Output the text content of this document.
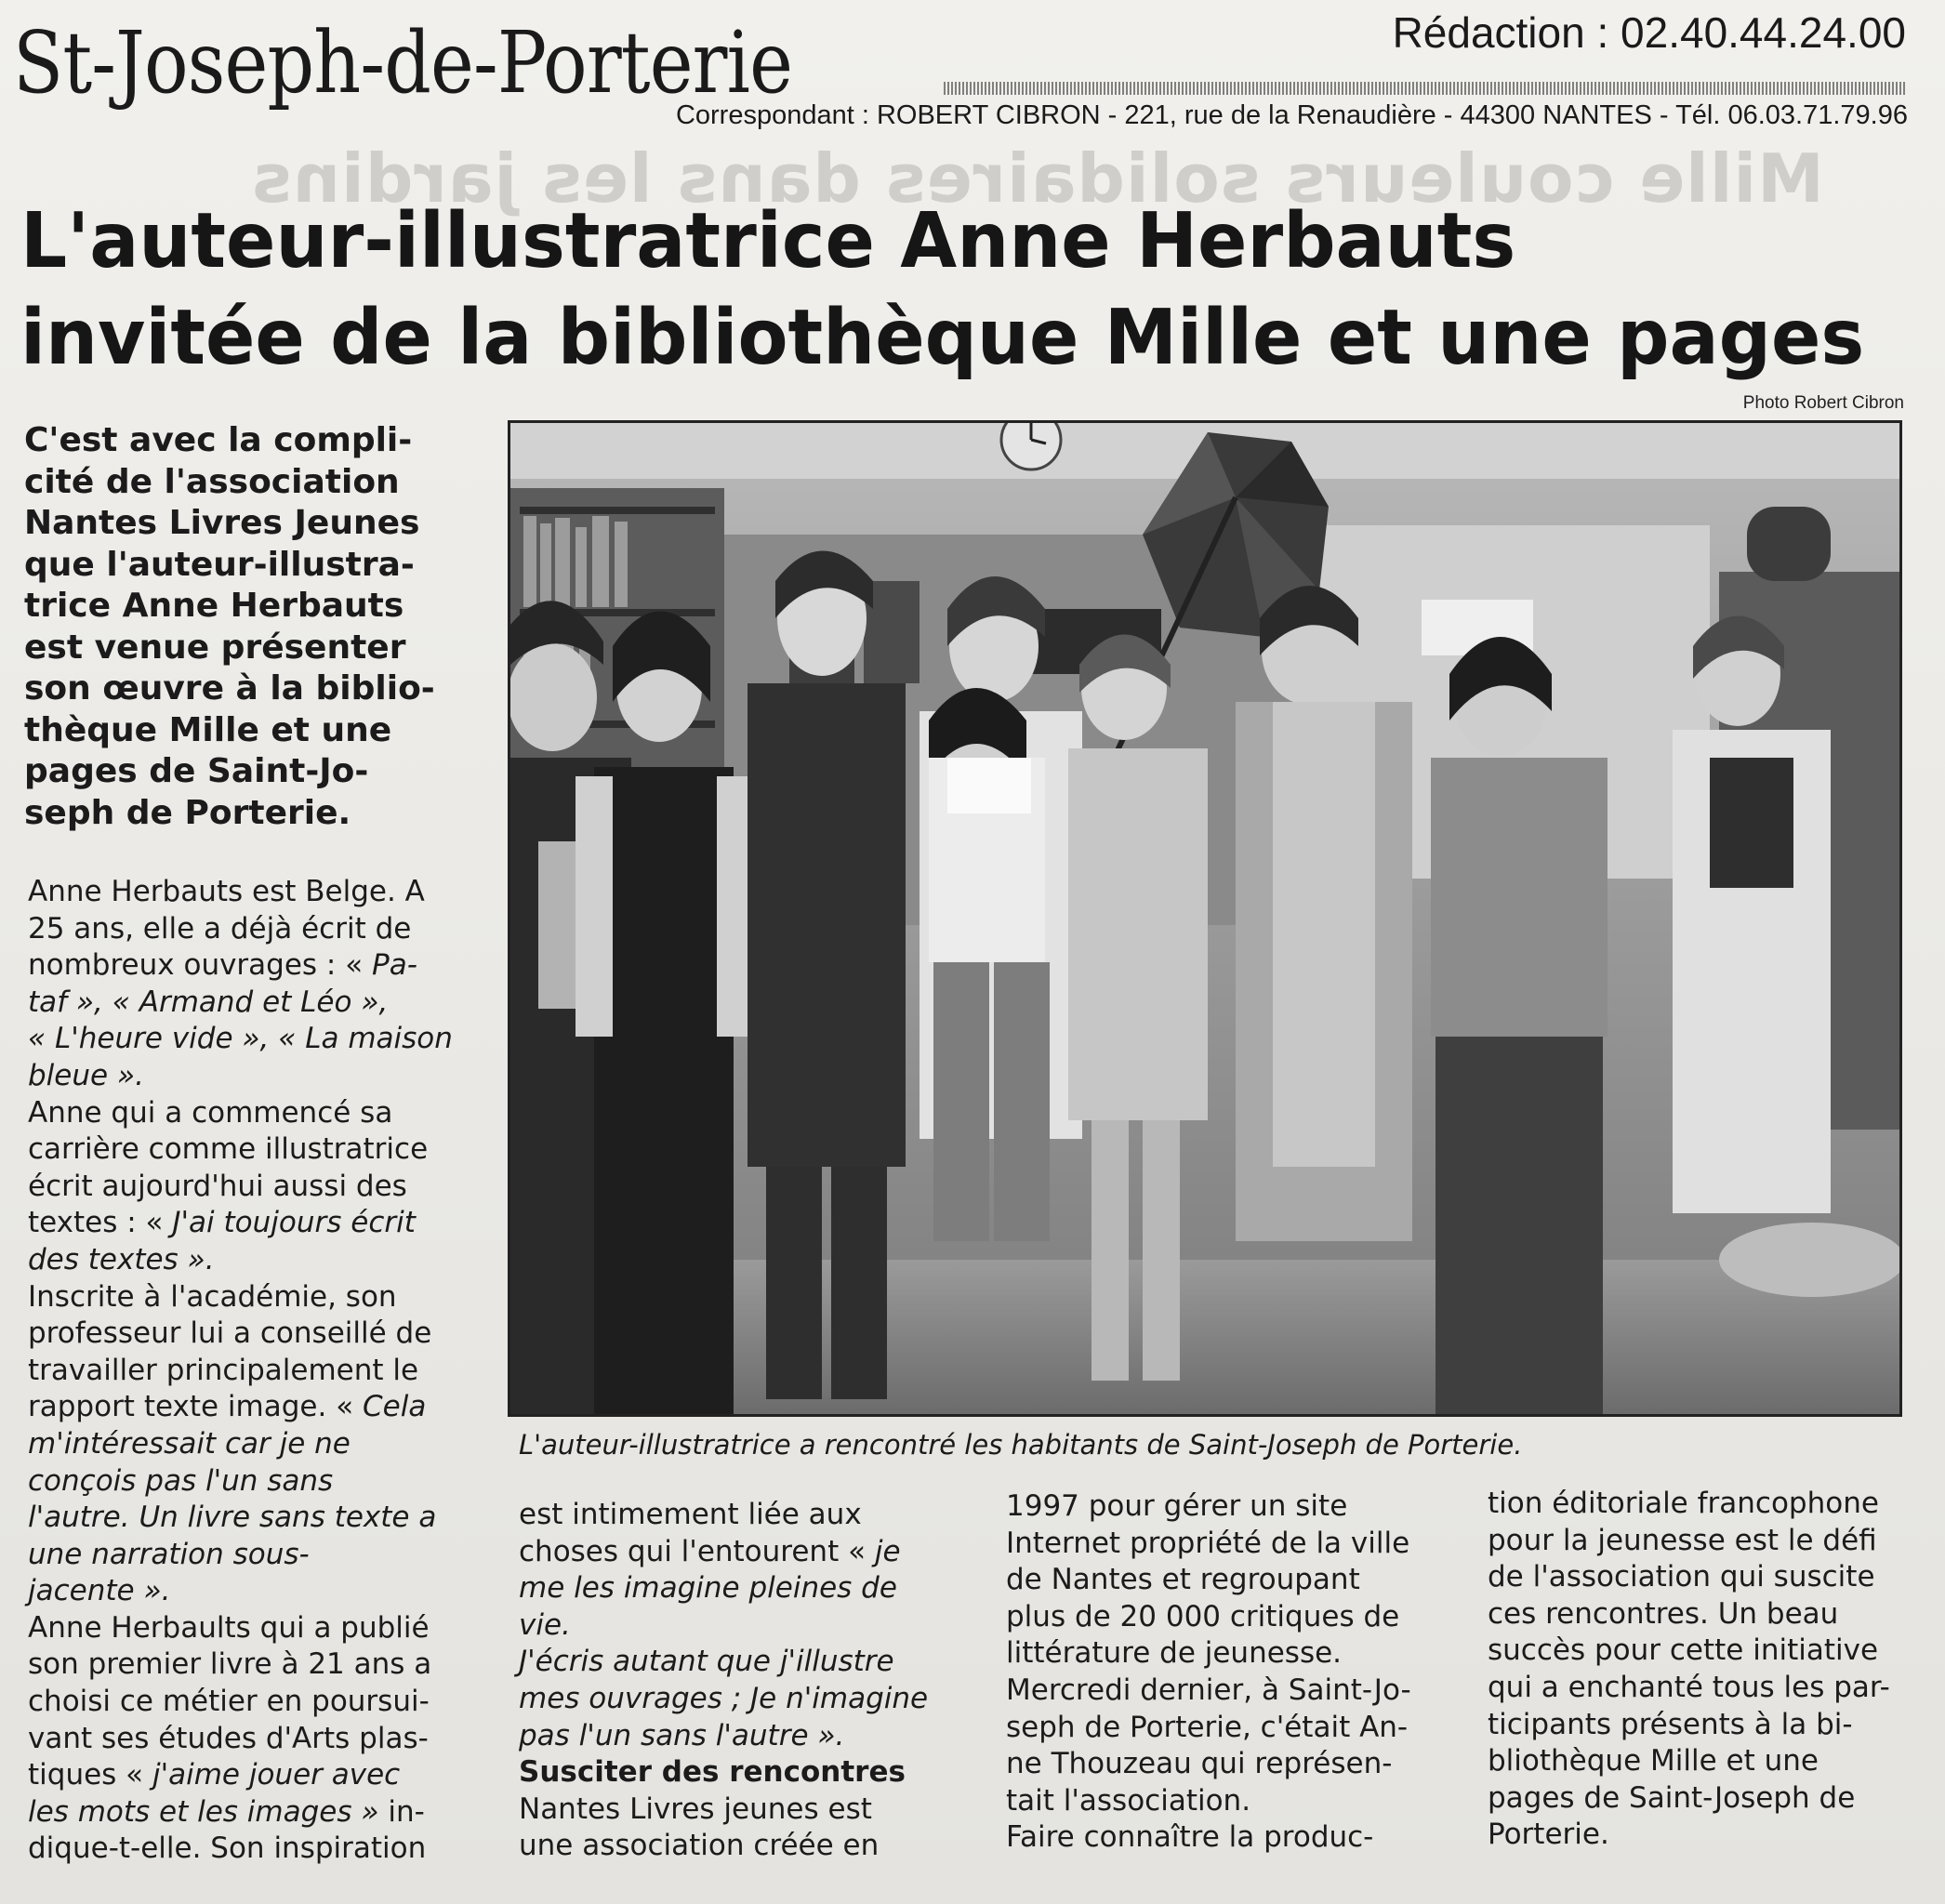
Mille couleurs solidaires dans les jardins
St-Joseph-de-Porterie	Rédaction : 02.40.44.24.00
Correspondant : ROBERT CIBRON - 221, rue de la Renaudière - 44300 NANTES - Tél. 06.03.71.79.96
L'auteur-illustratrice Anne Herbauts
invitée de la bibliothèque Mille et une pages
Photo Robert Cibron
L'auteur-illustratrice a rencontré les habitants de Saint-Joseph de Porterie.
C'est avec la compli-
cité de l'association
Nantes Livres Jeunes
que l'auteur-illustra-
trice Anne Herbauts
est venue présenter
son œuvre à la biblio-
thèque Mille et une
pages de Saint-Jo-
seph de Porterie.
Anne Herbauts est Belge. A
25 ans, elle a déjà écrit de
nombreux ouvrages : « Pa-
taf », « Armand et Léo »,
« L'heure vide », « La maison
bleue ».
Anne qui a commencé sa
carrière comme illustratrice
écrit aujourd'hui aussi des
textes : « J'ai toujours écrit
des textes ».
Inscrite à l'académie, son
professeur lui a conseillé de
travailler principalement le
rapport texte image. « Cela
m'intéressait car je ne
conçois pas l'un sans
l'autre. Un livre sans texte a
une narration sous-
jacente ».
Anne Herbaults qui a publié
son premier livre à 21 ans a
choisi ce métier en poursui-
vant ses études d'Arts plas-
tiques « j'aime jouer avec
les mots et les images » in-
dique-t-elle. Son inspiration
est intimement liée aux
choses qui l'entourent « je
me les imagine pleines de
vie.
J'écris autant que j'illustre
mes ouvrages ; Je n'imagine
pas l'un sans l'autre ».
Susciter des rencontres
Nantes Livres jeunes est
une association créée en
1997 pour gérer un site
Internet propriété de la ville
de Nantes et regroupant
plus de 20 000 critiques de
littérature de jeunesse.
Mercredi dernier, à Saint-Jo-
seph de Porterie, c'était An-
ne Thouzeau qui représen-
tait l'association.
Faire connaître la produc-
tion éditoriale francophone
pour la jeunesse est le défi
de l'association qui suscite
ces rencontres. Un beau
succès pour cette initiative
qui a enchanté tous les par-
ticipants présents à la bi-
bliothèque Mille et une
pages de Saint-Joseph de
Porterie.
